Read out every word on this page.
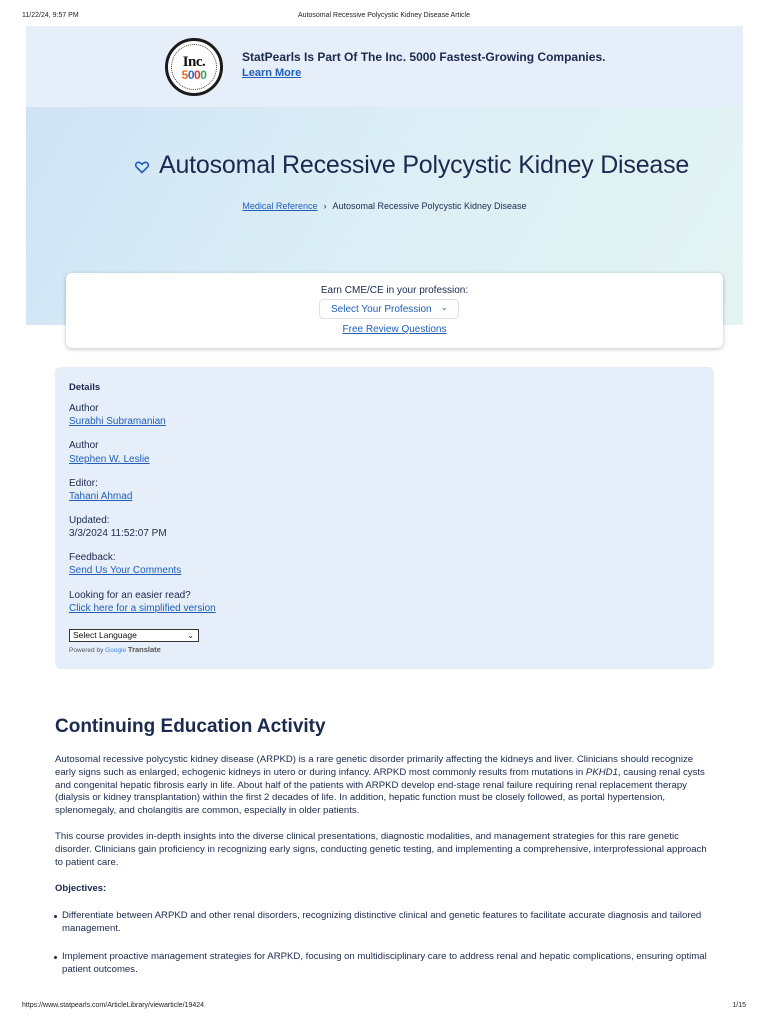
11/22/24, 9:57 PM	Autosomal Recessive Polycystic Kidney Disease Article
Inc.
5000
StatPearls Is Part Of The Inc. 5000 Fastest-Growing Companies.
Learn More
Autosomal Recessive Polycystic Kidney Disease
Medical Reference › Autosomal Recessive Polycystic Kidney Disease
Earn CME/CE in your profession:
Select Your Profession ⌄
Free Review Questions
Details
Author
Surabhi Subramanian
Author
Stephen W. Leslie
Editor:
Tahani Ahmad
Updated:
3/3/2024 11:52:07 PM
Feedback:
Send Us Your Comments
Looking for an easier read?
Click here for a simplified version
Select Language	⌄
Powered by Google Translate
Continuing Education Activity

Autosomal recessive polycystic kidney disease (ARPKD) is a rare genetic disorder primarily affecting the kidneys and liver. Clinicians should recognize early signs such as enlarged, echogenic kidneys in utero or during infancy. ARPKD most commonly results from mutations in PKHD1, causing renal cysts and congenital hepatic fibrosis early in life. About half of the patients with ARPKD develop end-stage renal failure requiring renal replacement therapy (dialysis or kidney transplantation) within the first 2 decades of life. In addition, hepatic function must be closely followed, as portal hypertension, splenomegaly, and cholangitis are common, especially in older patients.

This course provides in-depth insights into the diverse clinical presentations, diagnostic modalities, and management strategies for this rare genetic disorder. Clinicians gain proficiency in recognizing early signs, conducting genetic testing, and implementing a comprehensive, interprofessional approach to patient care.

Objectives:
Differentiate between ARPKD and other renal disorders, recognizing distinctive clinical and genetic features to facilitate accurate diagnosis and tailored management.
Implement proactive management strategies for ARPKD, focusing on multidisciplinary care to address renal and hepatic complications, ensuring optimal patient outcomes.
https://www.statpearls.com/ArticleLibrary/viewarticle/19424	1/15
